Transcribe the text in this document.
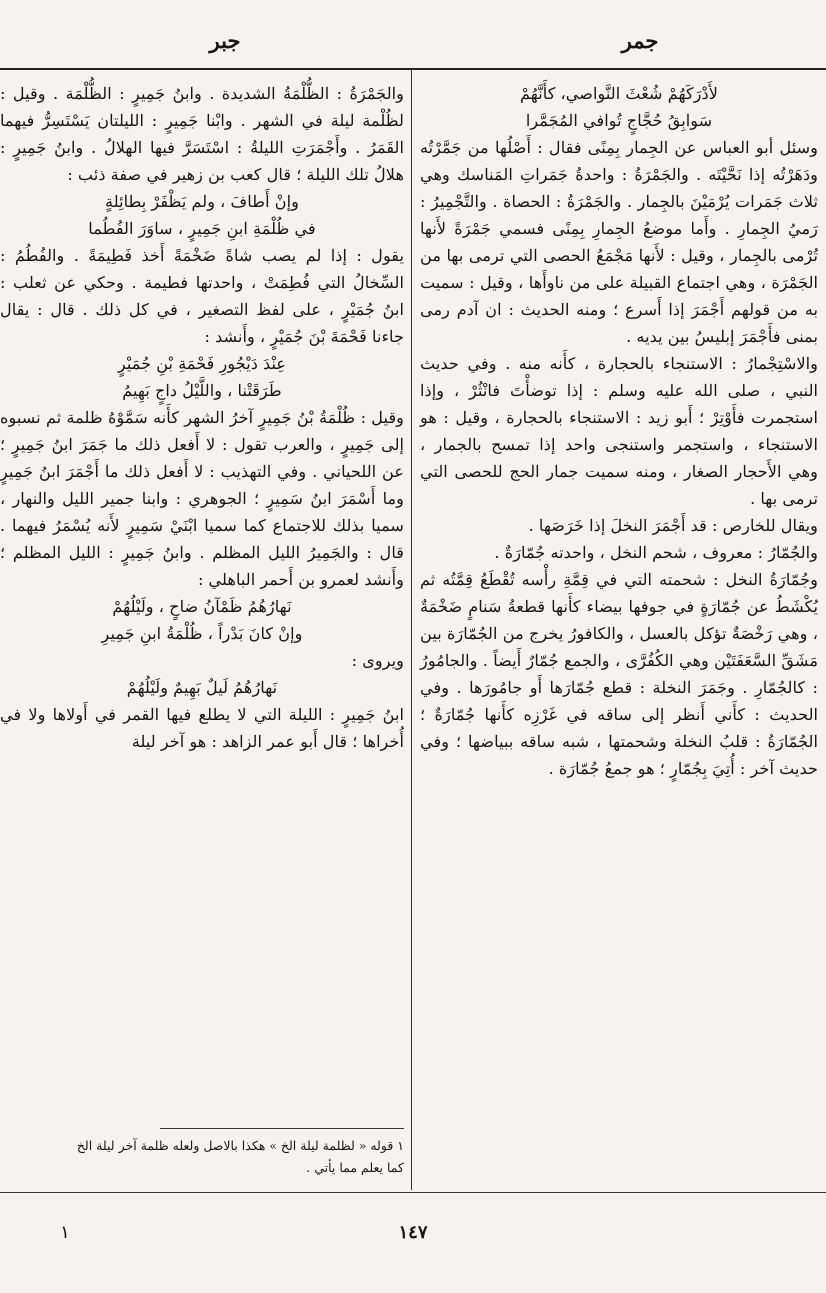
جمر
جبر

لأَدْرَكَهُمْ شُعْثَ النَّواصي، كأَنَّهُمْ

سَوابِقُ حُجَّاجٍ تُوافي المُجَمَّرا

وسئل أبو العباس عن الجِمار بِمِنًى فقال : أَصْلُها من جَمَّرْتُه ودَهَرْتُه إذا نَحَّيْتَه . والجَمْرَةُ : واحدةُ جَمَراتِ المَناسك وهي ثلاث جَمَرات يُرْمَيْنَ بالجِمار . والجَمْرَةُ : الحصاة . والتَّجْمِيرُ : رَميُ الجِمارِ . وأَما موضعُ الجِمارِ بِمِنًى فسمي جَمْرَةً لأَنها تُرْمى بالجِمار ، وقيل : لأَنها مَجْمَعُ الحصى التي ترمى بها من الجَمْرَة ، وهي اجتماع القبيلة على من ناوأَها ، وقيل : سميت به من قولهم أَجْمَرَ إذا أَسرع ؛ ومنه الحديث : ان آدم رمى بمنى فأَجْمَرَ إبليسُ بين يديه .

والاسْتِجْمارُ : الاستنجاء بالحجارة ، كأَنه منه . وفي حديث النبي ، صلى الله عليه وسلم : إذا توضأْتَ فانْثُرْ ، وإذا استجمرت فأَوْتِرْ ؛ أَبو زيد : الاستنجاء بالحجارة ، وقيل : هو الاستنجاء ، واستجمر واستنجى واحد إذا تمسح بالجمار ، وهي الأَحجار الصغار ، ومنه سميت جمار الحج للحصى التي ترمى بها .

ويقال للخارص : قد أَجْمَرَ النخلَ إذا خَرَصَها .

والجُمّارُ : معروف ، شحم النخل ، واحدته جُمّارَةٌ .

وجُمّارَةُ النخل : شحمته التي في قِمَّةِ رأْسه تُقْطَعُ قِمَّتُه ثم يُكْشَطُ عن جُمّارَةٍ في جوفها بيضاء كأَنها قطعةُ سَنامٍ ضَخْمَةٌ ، وهي رَخْصَةٌ تؤكل بالعسل ، والكافورُ يخرج من الجُمّارَة بين مَشَقِّ السَّعَفَتَيْن وهي الكُفُرَّى ، والجمع جُمّارٌ أَيضاً . والجامُورُ : كالجُمّارِ . وجَمَرَ النخلة : قطع جُمّارَها أَو جامُورَها . وفي الحديث : كأَني أَنظر إلى ساقه في غَرْزِه كأَنها جُمّارَةٌ ؛ الجُمّارَةُ : قلبُ النخلة وشحمتها ، شبه ساقه ببياضها ؛ وفي حديث آخر : أُتِيَ بِجُمّارٍ ؛ هو جمعُ جُمّارَة .

والجَمْرَةُ : الظُّلْمَةُ الشديدة . وابنُ جَمِيرٍ : الظُّلْمَة . وقيل : لظُلْمة ليلة في الشهر . وابْنا جَمِيرٍ : الليلتان يَسْتَسِرُّ فيهما القَمَرُ . وأَجْمَرَتِ الليلةُ : اسْتَسَرَّ فيها الهلالُ . وابنُ جَمِيرٍ : هلالُ تلك الليلة ؛ قال كعب بن زهير في صفة ذئب :

وإنْ أَطافَ ، ولم يَظْفَرْ بِطائِلةٍ

في ظُلْمَةِ ابنِ جَمِيرٍ ، ساوَرَ الفُطُما

يقول : إذا لم يصب شاةً ضَخْمَةً أَخذ فَطِيمَةً . والفُطُمُ : السِّخالُ التي فُطِمَتْ ، واحدتها فطيمة . وحكي عن ثعلب : ابنُ جُمَيْرٍ ، على لفظ التصغير ، في كل ذلك . قال : يقال جاءنا فَحْمَةَ بْنَ جُمَيْرٍ ، وأَنشد :

عِنْدَ دَيْجُورِ فَحْمَةِ بْنِ جُمَيْرٍ

طَرَقَتْنا ، واللَّيْلُ داجٍ بَهِيمُ

وقيل : ظُلْمَةُ بْنُ جَمِيرٍ آخرُ الشهر كأَنه سَمَّوْهُ ظلمة ثم نسبوه إلى جَمِيرٍ ، والعرب تقول : لا أَفعل ذلك ما جَمَرَ ابنُ جَمِيرٍ ؛ عن اللحياني . وفي التهذيب : لا أَفعل ذلك ما أَجْمَرَ ابنُ جَمِيرٍ وما أَسْمَرَ ابنُ سَمِيرٍ ؛ الجوهري : وابنا جمير الليل والنهار ، سميا بذلك للاجتماع كما سميا ابْنَيْ سَمِيرٍ لأَنه يُسْمَرُ فيهما . قال : والجَمِيرُ الليل المظلم . وابنُ جَمِيرٍ : الليل المظلم ؛ وأَنشد لعمرو بن أَحمر الباهلي :

نَهارُهُمُ ظَمْآنُ ضاحٍ ، ولَيْلُهُمْ

وإنْ كانَ بَدْراً ، ظُلْمَةُ ابنِ جَمِيرِ

ويروى :

نَهارُهُمُ لَيلٌ بَهِيمٌ ولَيْلُهُمْ

ابنُ جَمِيرٍ : الليلة التي لا يطلع فيها القمر في أَولاها ولا في أُخراها ؛ قال أَبو عمر الزاهد : هو آخر ليلة

١ قوله « لظلمة ليلة الخ » هكذا بالاصل ولعله ظلمة آخر ليلة الخ
كما يعلم مما يأتي .
١٤٧
١
